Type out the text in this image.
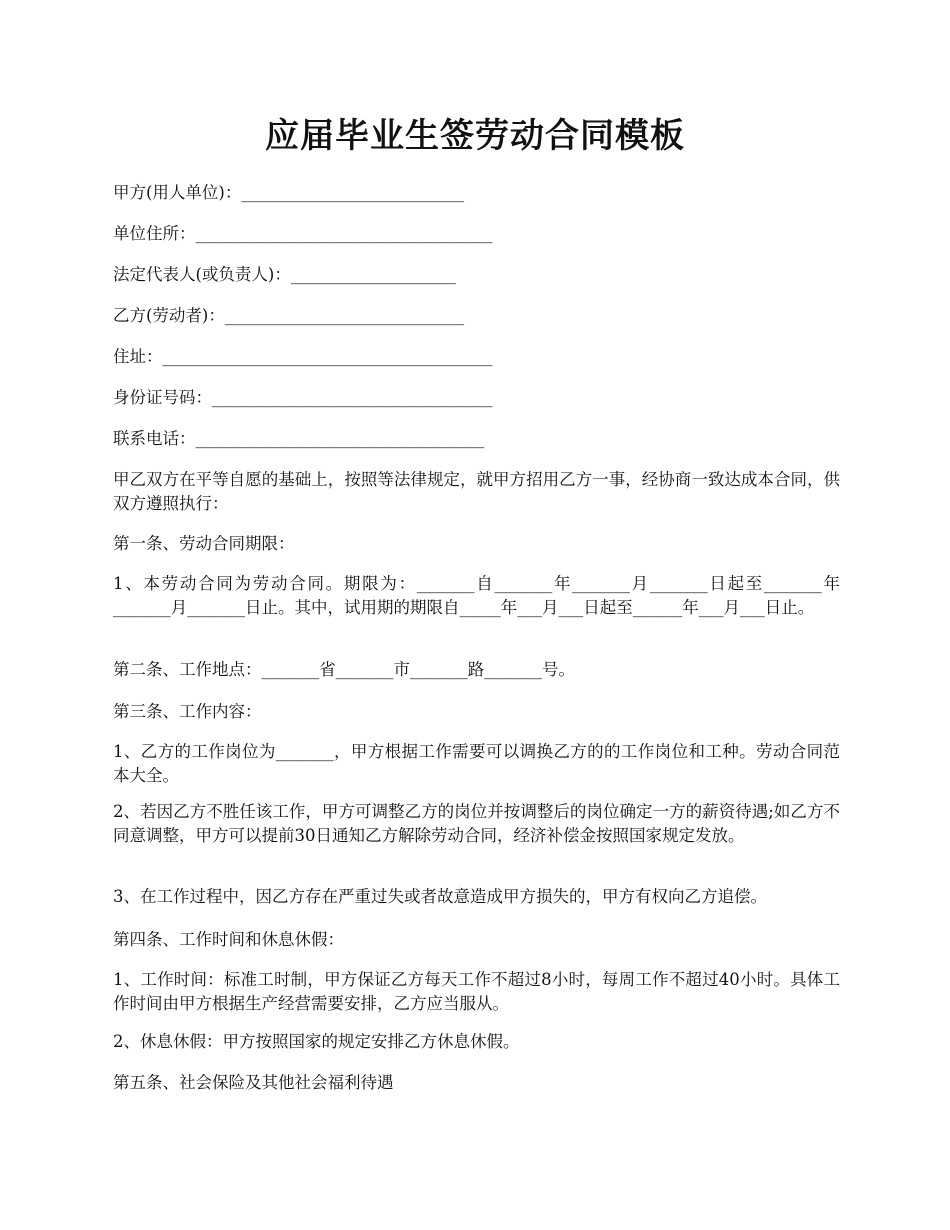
应届毕业生签劳动合同模板

甲方(用人单位)：___________________________

单位住所：____________________________________

法定代表人(或负责人)：____________________

乙方(劳动者)：_____________________________

住址：________________________________________

身份证号码：__________________________________

联系电话：___________________________________

甲乙双方在平等自愿的基础上，按照等法律规定，就甲方招用乙方一事，经协商一致达成本合同，供双方遵照执行：

第一条、劳动合同期限：

1、本劳动合同为劳动合同。期限为：_______自_______年_______月_______日起至_______年_______月_______日止。其中，试用期的期限自_____年___月___日起至______年___月___日止。

第二条、工作地点：_______省_______市_______路_______号。

第三条、工作内容：

1、乙方的工作岗位为_______，甲方根据工作需要可以调换乙方的的工作岗位和工种。劳动合同范本大全。

2、若因乙方不胜任该工作，甲方可调整乙方的岗位并按调整后的岗位确定一方的薪资待遇;如乙方不同意调整，甲方可以提前30日通知乙方解除劳动合同，经济补偿金按照国家规定发放。

3、在工作过程中，因乙方存在严重过失或者故意造成甲方损失的，甲方有权向乙方追偿。

第四条、工作时间和休息休假：

1、工作时间：标准工时制，甲方保证乙方每天工作不超过8小时，每周工作不超过40小时。具体工作时间由甲方根据生产经营需要安排，乙方应当服从。

2、休息休假：甲方按照国家的规定安排乙方休息休假。

第五条、社会保险及其他社会福利待遇
